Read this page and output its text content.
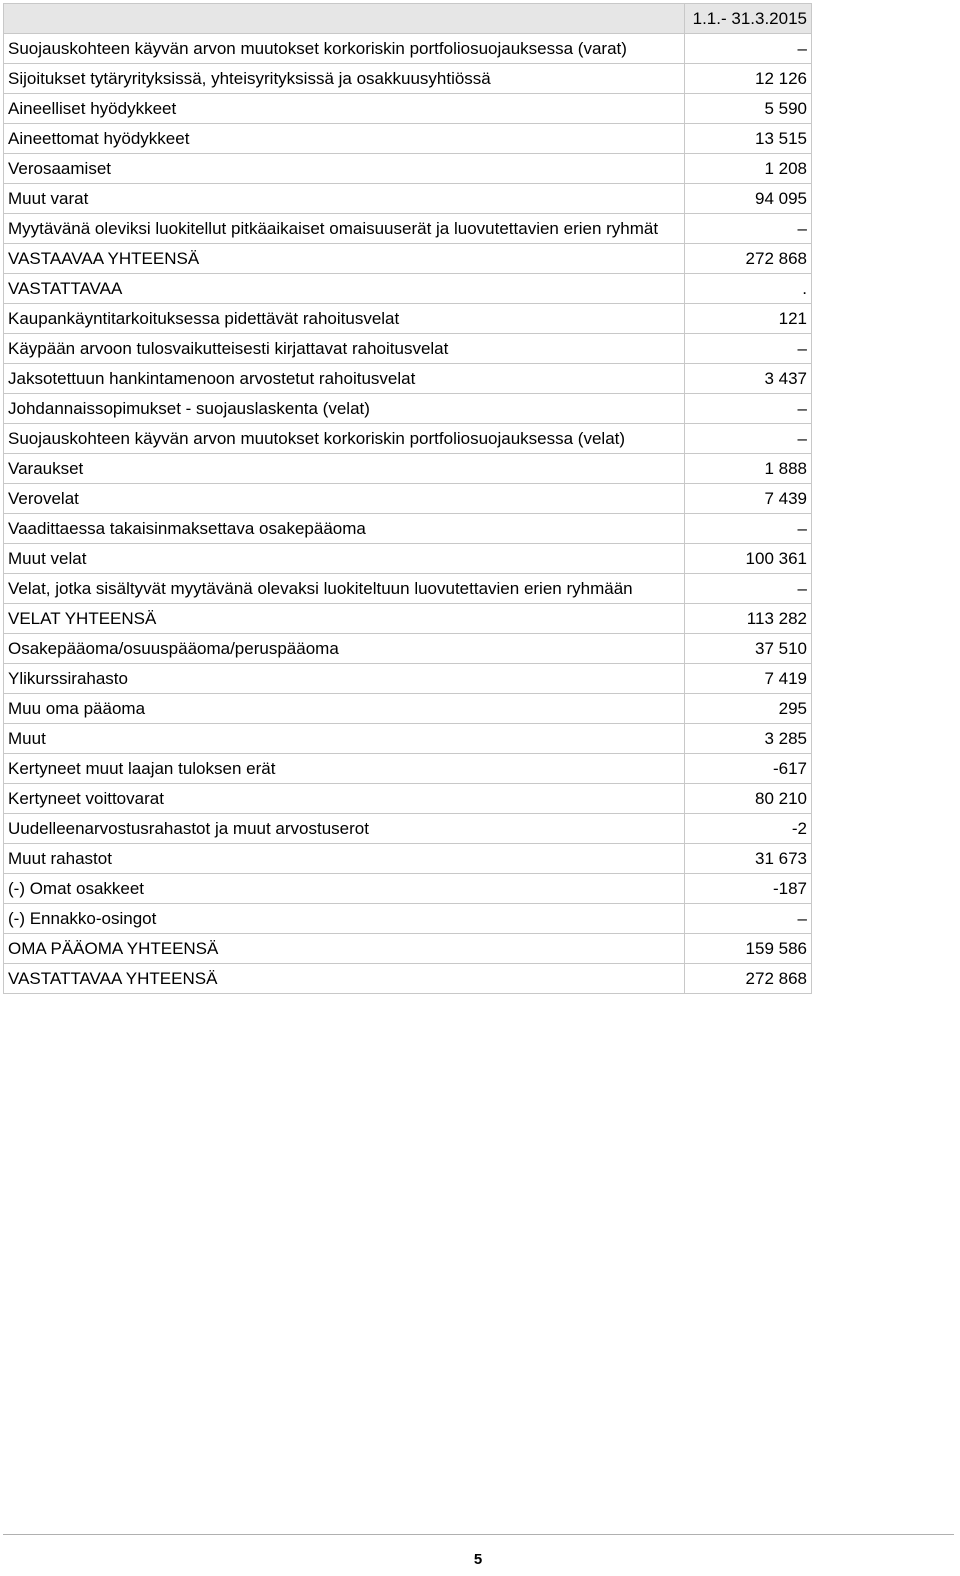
	1.1.- 31.3.2015
Suojauskohteen käyvän arvon muutokset korkoriskin portfoliosuojauksessa (varat)	–
Sijoitukset tytäryrityksissä, yhteisyrityksissä ja osakkuusyhtiössä	12 126
Aineelliset hyödykkeet	5 590
Aineettomat hyödykkeet	13 515
Verosaamiset	1 208
Muut varat	94 095
Myytävänä oleviksi luokitellut pitkäaikaiset omaisuuserät ja luovutettavien erien ryhmät	–
VASTAAVAA YHTEENSÄ	272 868
VASTATTAVAA	.
Kaupankäyntitarkoituksessa pidettävät rahoitusvelat	121
Käypään arvoon tulosvaikutteisesti kirjattavat rahoitusvelat	–
Jaksotettuun hankintamenoon arvostetut rahoitusvelat	3 437
Johdannaissopimukset - suojauslaskenta (velat)	–
Suojauskohteen käyvän arvon muutokset korkoriskin portfoliosuojauksessa (velat)	–
Varaukset	1 888
Verovelat	7 439
Vaadittaessa takaisinmaksettava osakepääoma	–
Muut velat	100 361
Velat, jotka sisältyvät myytävänä olevaksi luokiteltuun luovutettavien erien ryhmään	–
VELAT YHTEENSÄ	113 282
Osakepääoma/osuuspääoma/peruspääoma	37 510
Ylikurssirahasto	7 419
Muu oma pääoma	295
Muut	3 285
Kertyneet muut laajan tuloksen erät	-617
Kertyneet voittovarat	80 210
Uudelleenarvostusrahastot ja muut arvostuserot	-2
Muut rahastot	31 673
(-) Omat osakkeet	-187
(-) Ennakko-osingot	–
OMA PÄÄOMA YHTEENSÄ	159 586
VASTATTAVAA YHTEENSÄ	272 868
5
